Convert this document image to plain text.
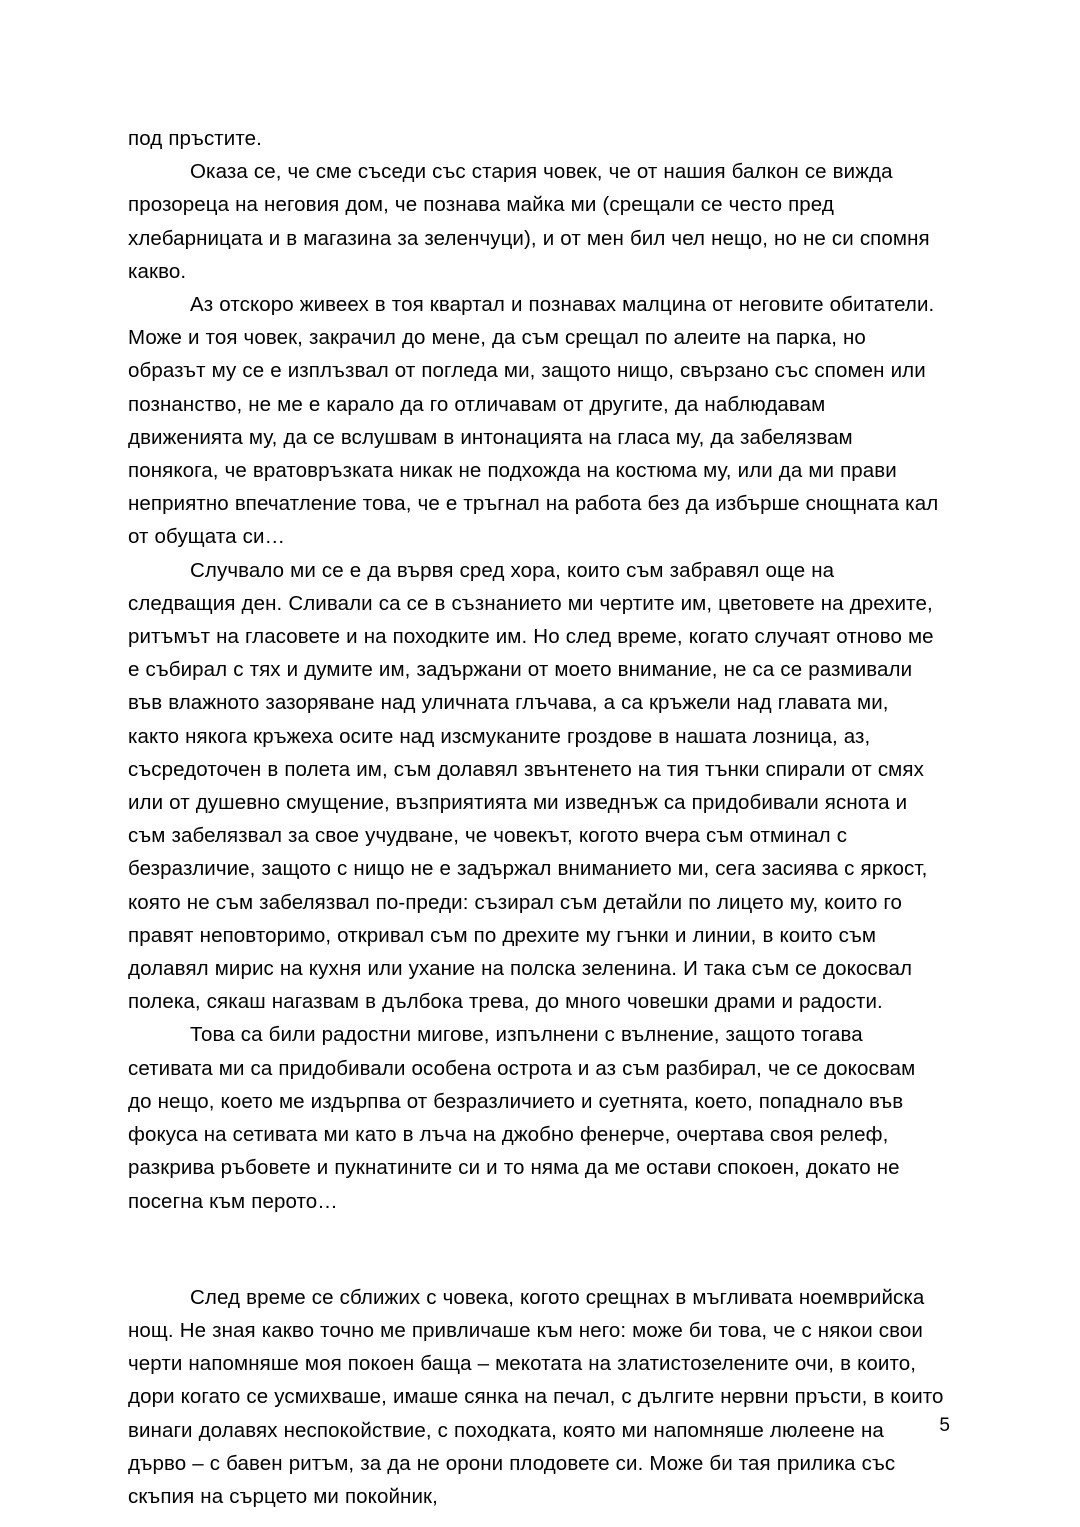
под пръстите.

Оказа се, че сме съседи със стария човек, че от нашия балкон се вижда прозореца на неговия дом, че познава майка ми (срещали се често пред хлебарницата и в магазина за зеленчуци), и от мен бил чел нещо, но не си спомня какво.

Аз отскоро живеех в тоя квартал и познавах малцина от неговите обитатели. Може и тоя човек, закрачил до мене, да съм срещал по алеите на парка, но образът му се е изплъзвал от погледа ми, защото нищо, свързано със спомен или познанство, не ме е карало да го отличавам от другите, да наблюдавам движенията му, да се вслушвам в интонацията на гласа му, да забелязвам понякога, че вратовръзката никак не подхожда на костюма му, или да ми прави неприятно впечатление това, че е тръгнал на работа без да избърше снощната кал от обущата си…

Случвало ми се е да вървя сред хора, които съм забравял още на следващия ден. Сливали са се в съзнанието ми чертите им, цветовете на дрехите, ритъмът на гласовете и на походките им. Но след време, когато случаят отново ме е събирал с тях и думите им, задържани от моето внимание, не са се размивали във влажното зазоряване над уличната глъчава, а са кръжели над главата ми, както някога кръжеха осите над изсмуканите гроздове в нашата лозница, аз, съсредоточен в полета им, съм долавял звънтенето на тия тънки спирали от смях или от душевно смущение, възприятията ми изведнъж са придобивали яснота и съм забелязвал за свое учудване, че човекът, когото вчера съм отминал с безразличие, защото с нищо не е задържал вниманието ми, сега засиява с яркост, която не съм забелязвал по-преди: съзирал съм детайли по лицето му, които го правят неповторимо, откривал съм по дрехите му гънки и линии, в които съм долавял мирис на кухня или ухание на полска зеленина. И така съм се докосвал полека, сякаш нагазвам в дълбока трева, до много човешки драми и радости.

Това са били радостни мигове, изпълнени с вълнение, защото тогава сетивата ми са придобивали особена острота и аз съм разбирал, че се докосвам до нещо, което ме издърпва от безразличието и суетнята, което, попаднало във фокуса на сетивата ми като в лъча на джобно фенерче, очертава своя релеф, разкрива ръбовете и пукнатините си и то няма да ме остави спокоен, докато не посегна към перото…

След време се сближих с човека, когото срещнах в мъгливата ноемврийска нощ. Не зная какво точно ме привличаше към него: може би това, че с някои свои черти напомняше моя покоен баща – мекотата на златистозелените очи, в които, дори когато се усмихваше, имаше сянка на печал, с дългите нервни пръсти, в които винаги долавях неспокойствие, с походката, която ми напомняше люлеене на дърво – с бавен ритъм, за да не орони плодовете си. Може би тая прилика със скъпия на сърцето ми покойник,

5
